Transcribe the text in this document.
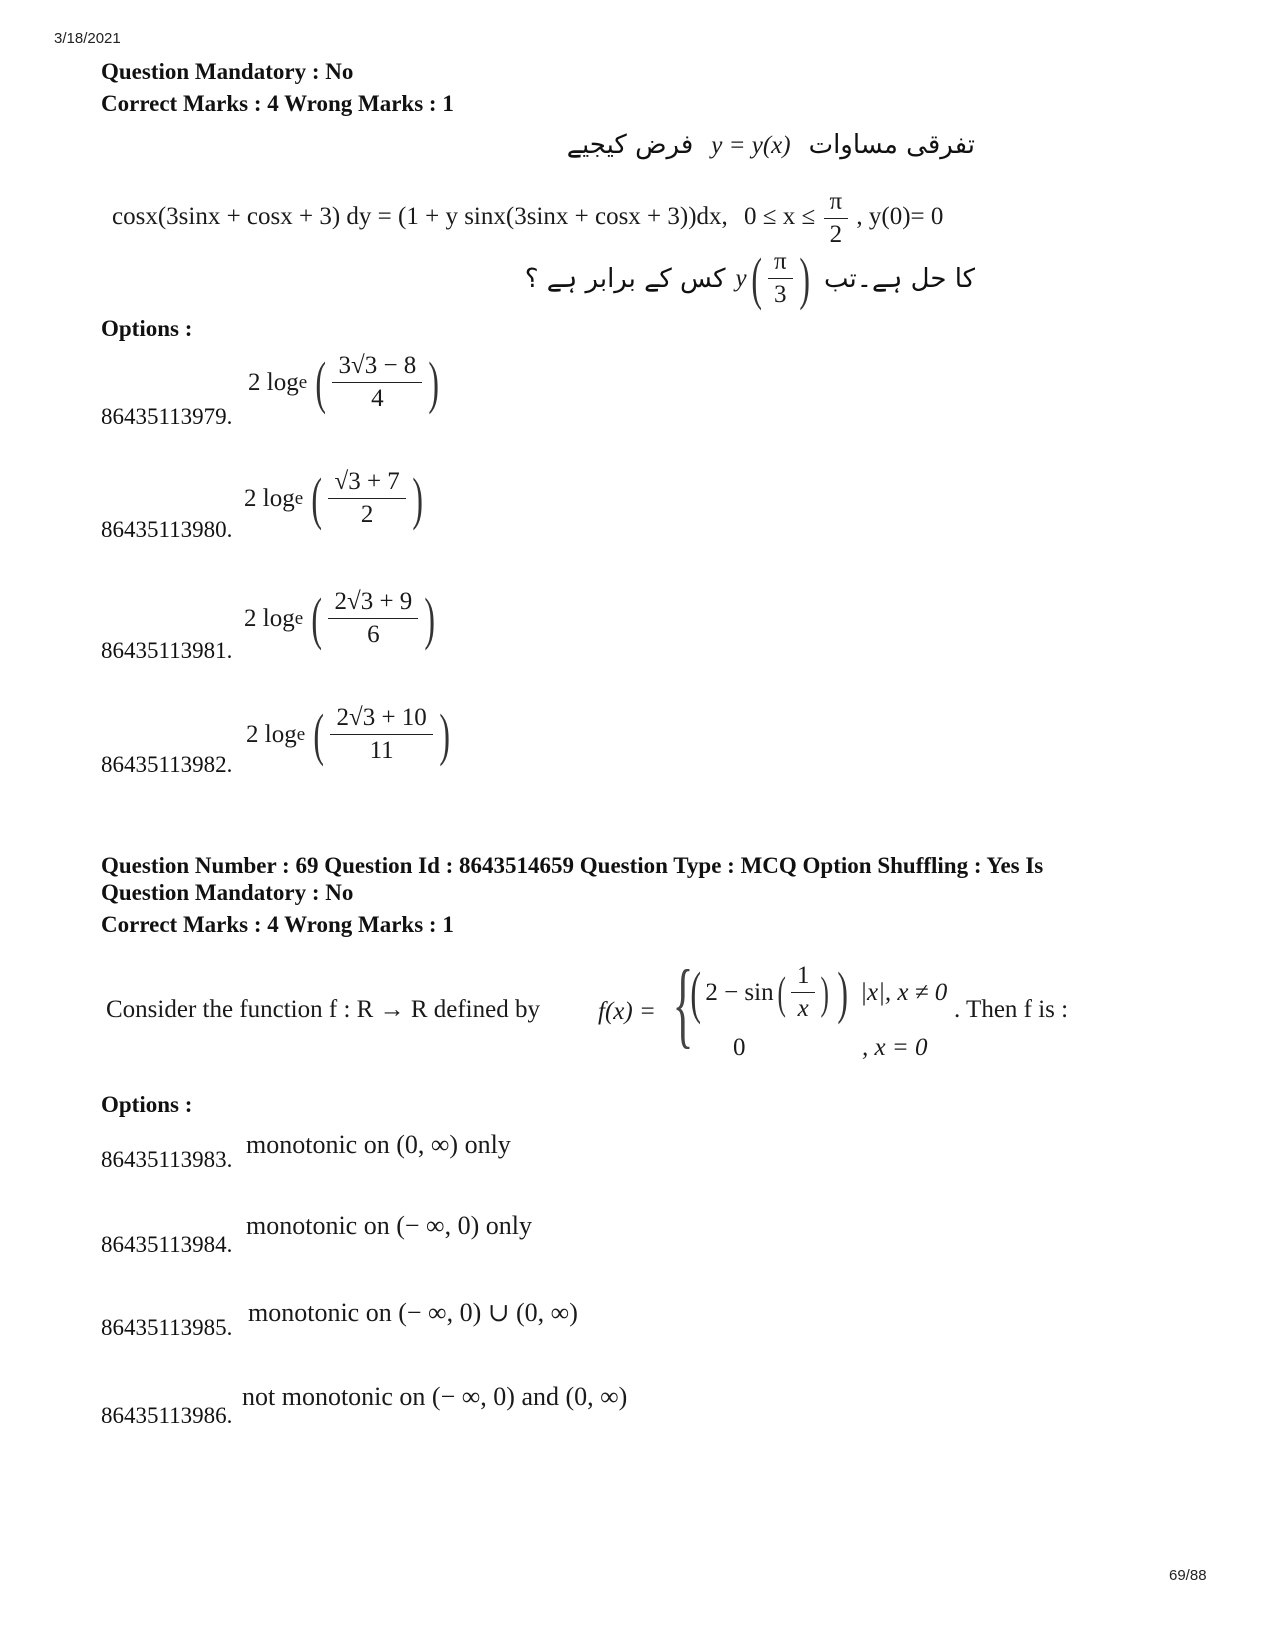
3/18/2021
Question Mandatory : No
Correct Marks : 4 Wrong Marks : 1
فرض کیجیے y = y(x) تفرقی مساوات
cosx(3sinx + cosx + 3) dy = (1 + y sinx(3sinx + cosx + 3))dx, $0 \le x \le \frac{\pi}{2}$ , y(0)= 0
کا حل ہے۔تب
y ( $\frac{\pi}{3}$ )
کس کے برابر ہے ؟
Options :
2 log e ( $\frac{3√3 - 8}{4}$ )
86435113979.
2 log e ( $\frac{√3 + 7}{2}$ )
86435113980.
2 log e ( $\frac{2√3 + 9}{6}$ )
86435113981.
2 log e ( $\frac{2√3 + 10}{11}$ )
86435113982.
Question Number : 69 Question Id : 8643514659 Question Type : MCQ Option Shuffling : Yes Is
Question Mandatory : No
Correct Marks : 4 Wrong Marks : 1
Consider the function f : R → R defined by f(x) = {
( 2 − sin ( $\frac{1}{x}$ ) ) |x|, x ≠ 0
0	, x = 0
. Then f is :
Options :
monotonic on (0, ∞) only
86435113983.
monotonic on (− ∞, 0) only
86435113984.
monotonic on (− ∞, 0) ∪ (0, ∞)
86435113985.
not monotonic on (− ∞, 0) and (0, ∞)
86435113986.
69/88
